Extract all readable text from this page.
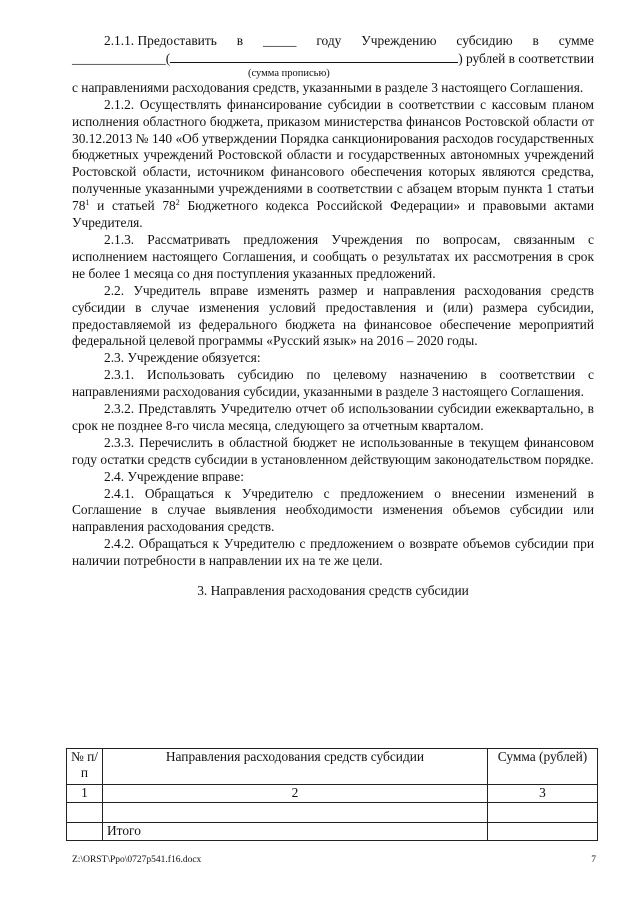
2.1.1. Предоставить в _____ году Учреждению субсидию в сумме
______________ (	) рублей в соответствии
(сумма прописью)

с направлениями расходования средств, указанными в разделе 3 настоящего Соглашения.

2.1.2. Осуществлять финансирование субсидии в соответствии с кассовым планом исполнения областного бюджета, приказом министерства финансов Ростовской области от 30.12.2013 № 140 «Об утверждении Порядка санкционирования расходов государственных бюджетных учреждений Ростовской области и государственных автономных учреждений Ростовской области, источником финансового обеспечения которых являются средства, полученные указанными учреждениями в соответствии с абзацем вторым пункта 1 статьи $78^1$ и статьей $78^2$ Бюджетного кодекса Российской Федерации» и правовыми актами Учредителя.

2.1.3. Рассматривать предложения Учреждения по вопросам, связанным с исполнением настоящего Соглашения, и сообщать о результатах их рассмотрения в срок не более 1 месяца со дня поступления указанных предложений.

2.2. Учредитель вправе изменять размер и направления расходования средств субсидии в случае изменения условий предоставления и (или) размера субсидии, предоставляемой из федерального бюджета на финансовое обеспечение мероприятий федеральной целевой программы «Русский язык» на 2016 – 2020 годы.

2.3. Учреждение обязуется:

2.3.1. Использовать субсидию по целевому назначению в соответствии с направлениями расходования субсидии, указанными в разделе 3 настоящего Соглашения.

2.3.2. Представлять Учредителю отчет об использовании субсидии ежеквартально, в срок не позднее 8-го числа месяца, следующего за отчетным кварталом.

2.3.3. Перечислить в областной бюджет не использованные в текущем финансовом году остатки средств субсидии в установленном действующим законодательством порядке.

2.4. Учреждение вправе:

2.4.1. Обращаться к Учредителю с предложением о внесении изменений в Соглашение в случае выявления необходимости изменения объемов субсидии или направления расходования средств.

2.4.2. Обращаться к Учредителю с предложением о возврате объемов субсидии при наличии потребности в направлении их на те же цели.

3. Направления расходования средств субсидии
№ п/п	Направления расходования средств субсидии	Сумма (рублей)
1	2	3

	Итого	
Z:\ORST\Ppo\0727p541.f16.docx	7
